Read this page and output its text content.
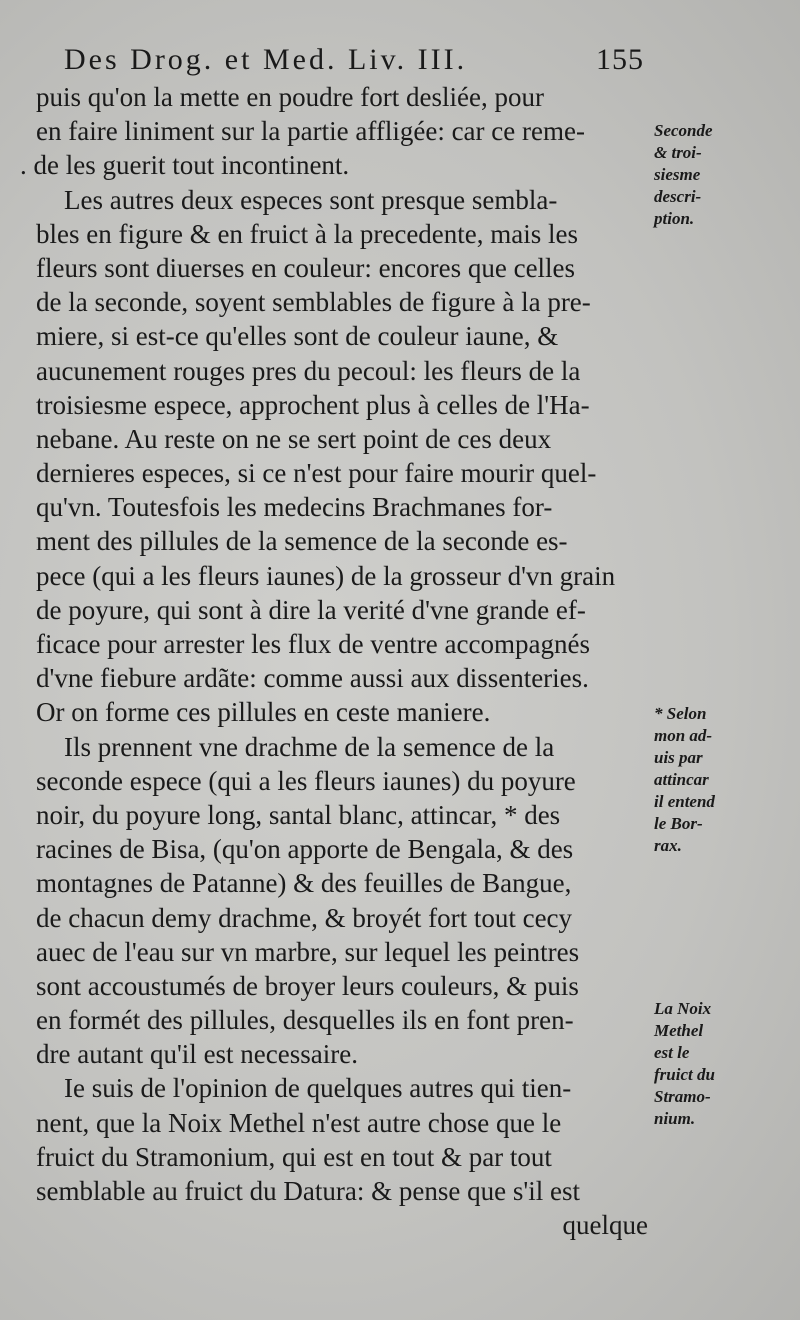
Des Drog. et Med. Liv. III.	155
puis qu'on la mette en poudre fort desliée, pour
en faire liniment sur la partie affligée: car ce reme-
. de les guerit tout incontinent.
Les autres deux especes sont presque sembla-
bles en figure & en fruict à la precedente, mais les
fleurs sont diuerses en couleur: encores que celles
de la seconde, soyent semblables de figure à la pre-
miere, si est-ce qu'elles sont de couleur iaune, &
aucunement rouges pres du pecoul: les fleurs de la
troisiesme espece, approchent plus à celles de l'Ha-
nebane. Au reste on ne se sert point de ces deux
dernieres especes, si ce n'est pour faire mourir quel-
qu'vn. Toutesfois les medecins Brachmanes for-
ment des pillules de la semence de la seconde es-
pece (qui a les fleurs iaunes) de la grosseur d'vn grain
de poyure, qui sont à dire la verité d'vne grande ef-
ficace pour arrester les flux de ventre accompagnés
d'vne fiebure ardãte: comme aussi aux dissenteries.
Or on forme ces pillules en ceste maniere.
Ils prennent vne drachme de la semence de la
seconde espece (qui a les fleurs iaunes) du poyure
noir, du poyure long, santal blanc, attincar, * des
racines de Bisa, (qu'on apporte de Bengala, & des
montagnes de Patanne) & des feuilles de Bangue,
de chacun demy drachme, & broyét fort tout cecy
auec de l'eau sur vn marbre, sur lequel les peintres
sont accoustumés de broyer leurs couleurs, & puis
en formét des pillules, desquelles ils en font pren-
dre autant qu'il est necessaire.
Ie suis de l'opinion de quelques autres qui tien-
nent, que la Noix Methel n'est autre chose que le
fruict du Stramonium, qui est en tout & par tout
semblable au fruict du Datura: & pense que s'il est
quelque
Seconde
& troi-
siesme
descri-
ption.
* Selon
mon ad-
uis par
attincar
il entend
le Bor-
rax.
La Noix
Methel
est le
fruict du
Stramo-
nium.
